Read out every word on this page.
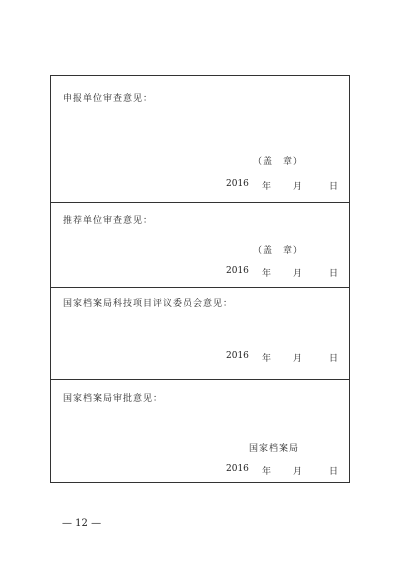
申报单位审查意见：
（盖　章）
2016 年 月	日
推荐单位审查意见：
（盖　章）
2016 年 月	日
国家档案局科技项目评议委员会意见：
2016 年 月	日
国家档案局审批意见：
国家档案局
2016 年 月	日
— 12 —
